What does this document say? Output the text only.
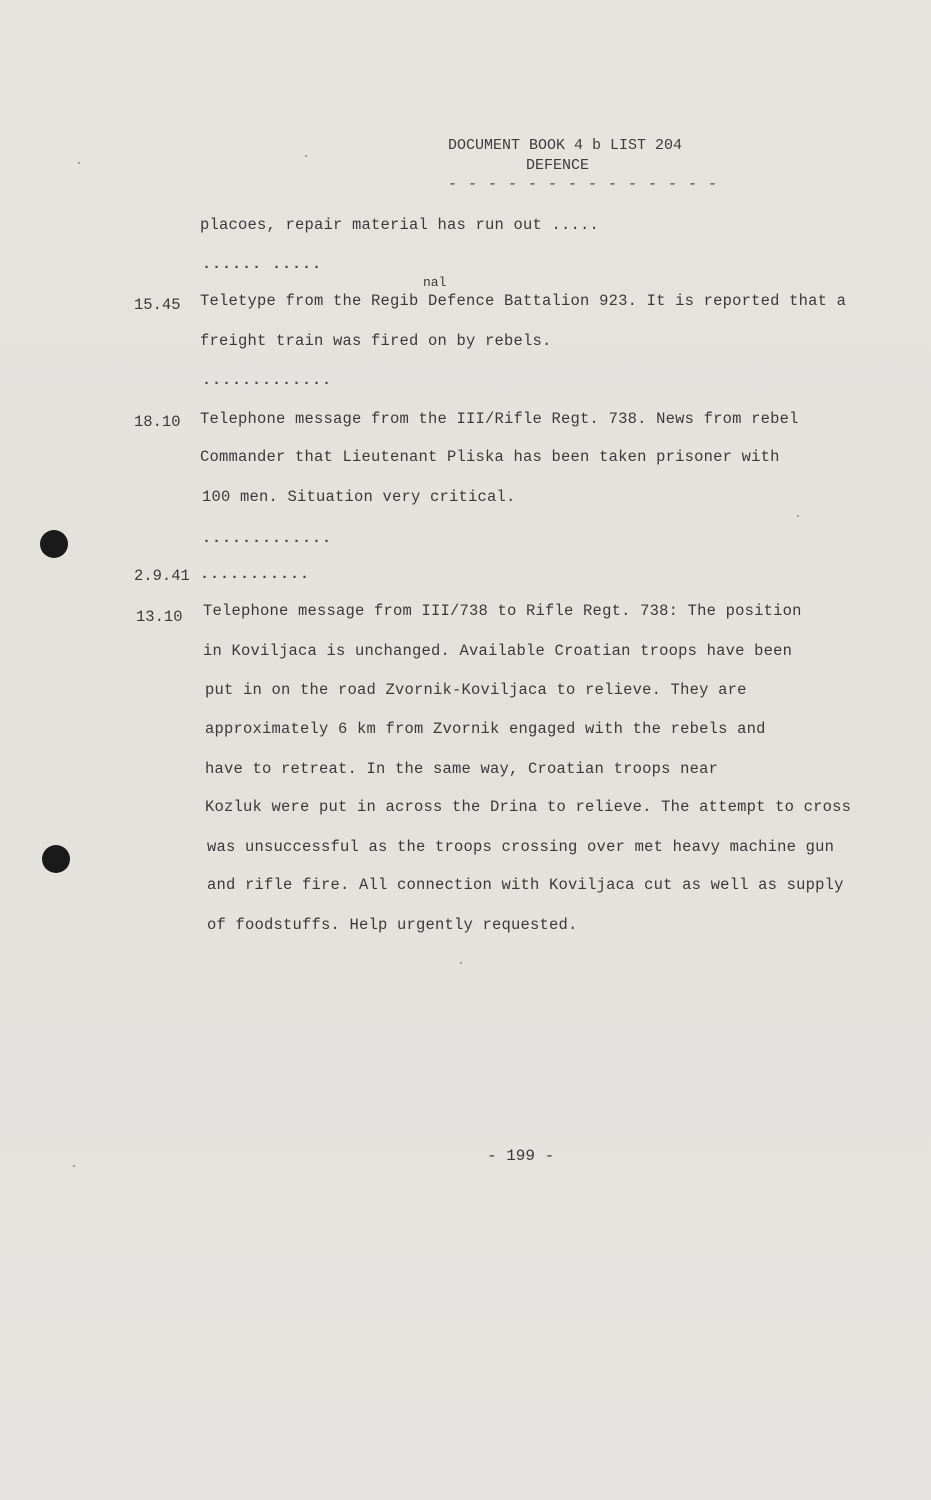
DOCUMENT BOOK 4 b LIST 204
DEFENCE
- - - - - - - - - - - - - -
placoes, repair material has run out .....
...... .....
nal
15.45 Teletype from the Regib Defence Battalion 923. It is reported that a
freight train was fired on by rebels.
.............
18.10 Telephone message from the III/Rifle Regt. 738. News from rebel
Commander that Lieutenant Pliska has been taken prisoner with
100 men. Situation very critical.
.............
2.9.41 ...........
13.10 Telephone message from III/738 to Rifle Regt. 738: The position
in Koviljaca is unchanged. Available Croatian troops have been
put in on the road Zvornik-Koviljaca to relieve. They are
approximately 6 km from Zvornik engaged with the rebels and
have to retreat. In the same way, Croatian troops near
Kozluk were put in across the Drina to relieve. The attempt to cross
was unsuccessful as the troops crossing over met heavy machine gun
and rifle fire. All connection with Koviljaca cut as well as supply
of foodstuffs. Help urgently requested.
- 199 -
